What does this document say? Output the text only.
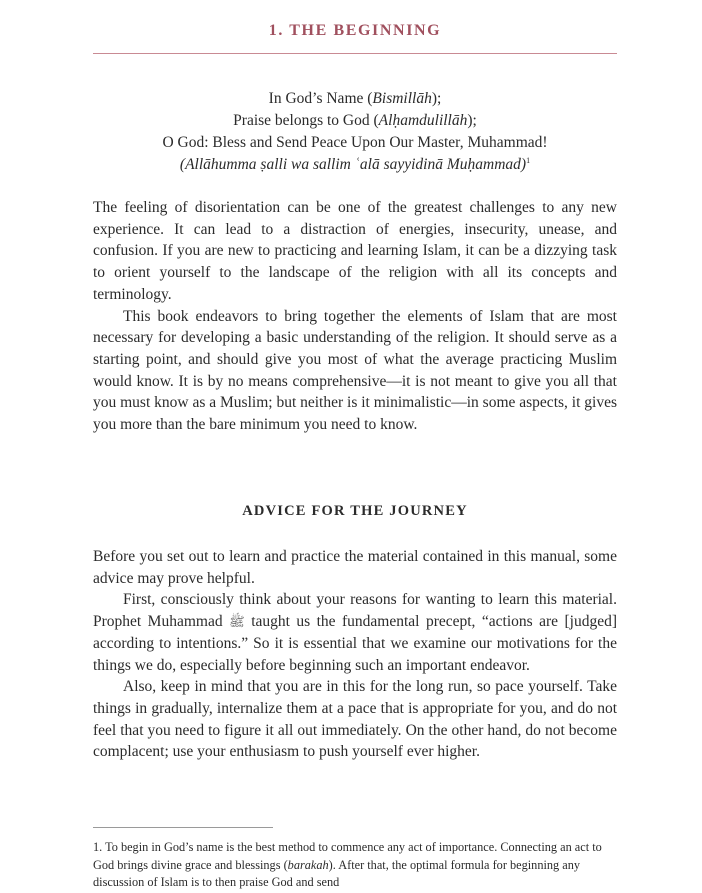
1. THE BEGINNING
In God’s Name (Bismillāh);
Praise belongs to God (Alḥamdulillāh);
O God: Bless and Send Peace Upon Our Master, Muhammad!
(Allāhumma ṣalli wa sallim ʿalā sayyidinā Muḥammad)$^1$

The feeling of disorientation can be one of the greatest challenges to any new experience. It can lead to a distraction of energies, insecurity, unease, and confusion. If you are new to practicing and learning Islam, it can be a dizzying task to orient yourself to the landscape of the religion with all its concepts and terminology.

This book endeavors to bring together the elements of Islam that are most necessary for developing a basic understanding of the religion. It should serve as a starting point, and should give you most of what the average practicing Muslim would know. It is by no means comprehensive—it is not meant to give you all that you must know as a Muslim; but neither is it minimalistic—in some aspects, it gives you more than the bare minimum you need to know.

ADVICE FOR THE JOURNEY

Before you set out to learn and practice the material contained in this manual, some advice may prove helpful.

First, consciously think about your reasons for wanting to learn this material. Prophet Muhammad ﷺ taught us the fundamental precept, “actions are [judged] according to intentions.” So it is essential that we examine our motivations for the things we do, especially before beginning such an important endeavor.

Also, keep in mind that you are in this for the long run, so pace yourself. Take things in gradually, internalize them at a pace that is appropriate for you, and do not feel that you need to figure it all out immediately. On the other hand, do not become complacent; use your enthusiasm to push yourself ever higher.

1. To begin in God’s name is the best method to commence any act of importance. Connecting an act to God brings divine grace and blessings (barakah). After that, the optimal formula for beginning any discussion of Islam is to then praise God and send
